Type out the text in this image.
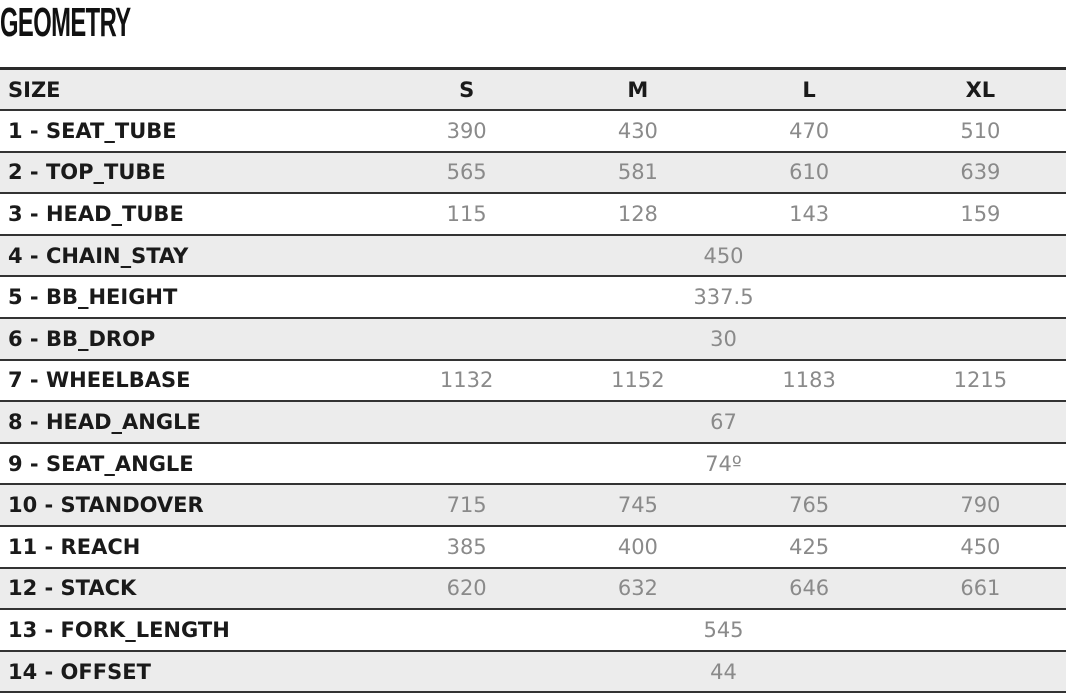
GEOMETRY
SIZE	S	M	L	XL
1 - SEAT_TUBE	390	430	470	510
2 - TOP_TUBE	565	581	610	639
3 - HEAD_TUBE	115	128	143	159
4 - CHAIN_STAY	450			
5 - BB_HEIGHT	337.5			
6 - BB_DROP	30			
7 - WHEELBASE	1132	1152	1183	1215
8 - HEAD_ANGLE	67			
9 - SEAT_ANGLE	74º			
10 - STANDOVER	715	745	765	790
11 - REACH	385	400	425	450
12 - STACK	620	632	646	661
13 - FORK_LENGTH	545			
14 - OFFSET	44			
